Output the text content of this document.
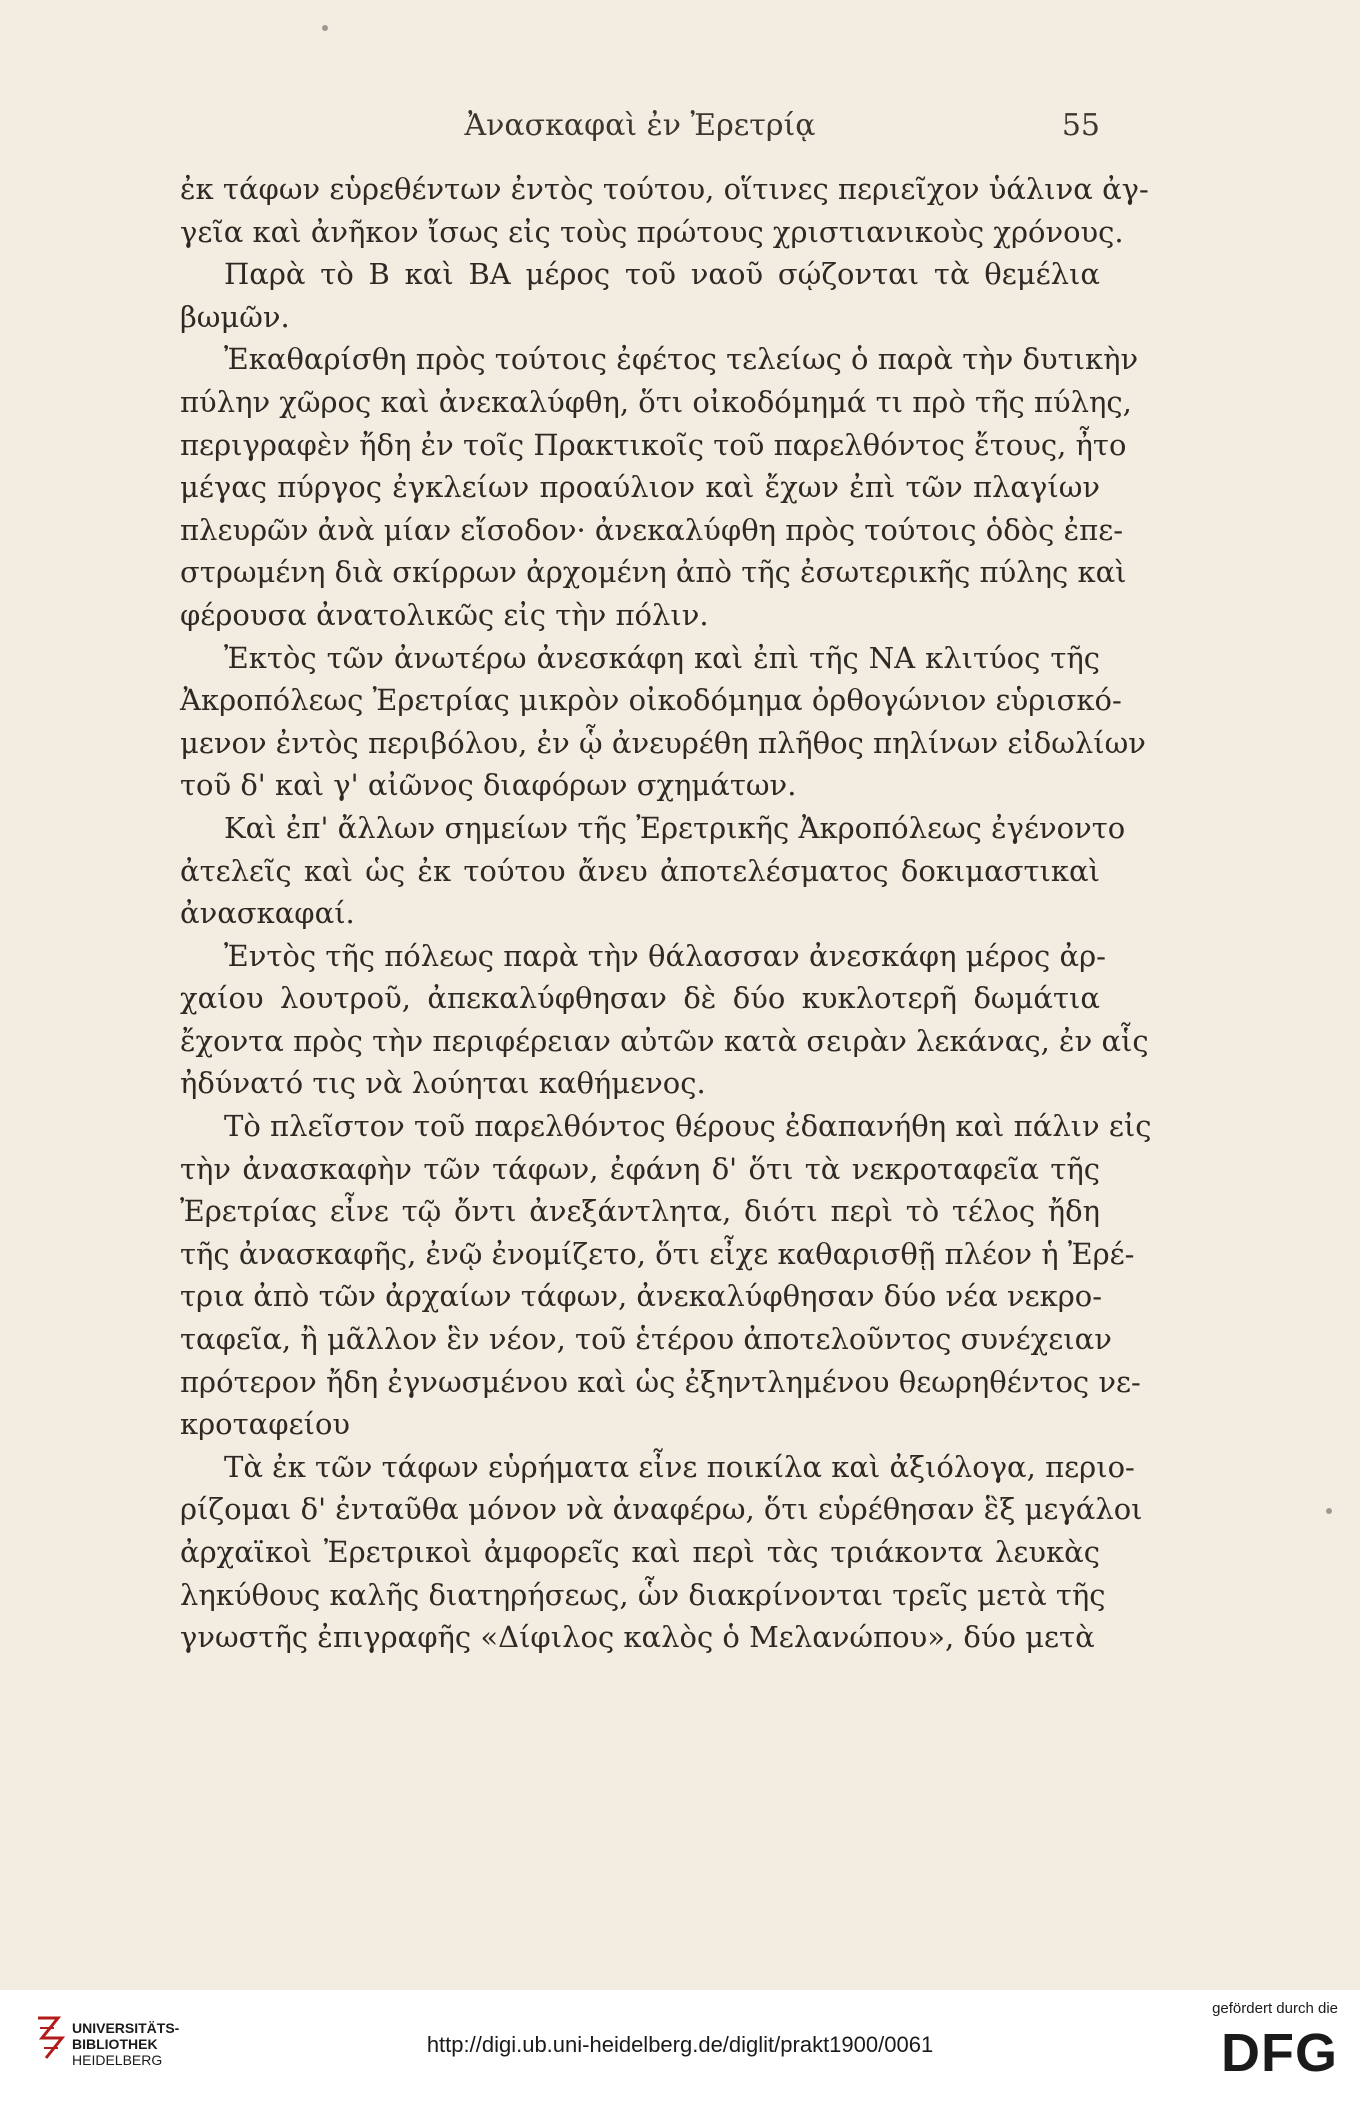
Ἀνασκαφαὶ ἐν Ἐρετρίᾳ	55

ἐκ τάφων εὑρεθέντων ἐντὸς τούτου, οἵτινες περιεῖχον ὑάλινα ἀγ-
γεῖα καὶ ἀνῆκον ἴσως εἰς τοὺς πρώτους χριστιανικοὺς χρόνους.

Παρὰ τὸ Β καὶ ΒΑ μέρος τοῦ ναοῦ σῴζονται τὰ θεμέλια
βωμῶν.

Ἐκαθαρίσθη πρὸς τούτοις ἐφέτος τελείως ὁ παρὰ τὴν δυτικὴν
πύλην χῶρος καὶ ἀνεκαλύφθη, ὅτι οἰκοδόμημά τι πρὸ τῆς πύλης,
περιγραφὲν ἤδη ἐν τοῖς Πρακτικοῖς τοῦ παρελθόντος ἔτους, ἦτο
μέγας πύργος ἐγκλείων προαύλιον καὶ ἔχων ἐπὶ τῶν πλαγίων
πλευρῶν ἀνὰ μίαν εἴσοδον· ἀνεκαλύφθη πρὸς τούτοις ὁδὸς ἐπε-
στρωμένη διὰ σκίρρων ἀρχομένη ἀπὸ τῆς ἐσωτερικῆς πύλης καὶ
φέρουσα ἀνατολικῶς εἰς τὴν πόλιν.

Ἐκτὸς τῶν ἀνωτέρω ἀνεσκάφη καὶ ἐπὶ τῆς ΝΑ κλιτύος τῆς
Ἀκροπόλεως Ἐρετρίας μικρὸν οἰκοδόμημα ὀρθογώνιον εὑρισκό-
μενον ἐντὸς περιβόλου, ἐν ᾧ ἀνευρέθη πλῆθος πηλίνων εἰδωλίων
τοῦ δ' καὶ γ' αἰῶνος διαφόρων σχημάτων.

Καὶ ἐπ' ἄλλων σημείων τῆς Ἐρετρικῆς Ἀκροπόλεως ἐγένοντο
ἀτελεῖς καὶ ὡς ἐκ τούτου ἄνευ ἀποτελέσματος δοκιμαστικαὶ
ἀνασκαφαί.

Ἐντὸς τῆς πόλεως παρὰ τὴν θάλασσαν ἀνεσκάφη μέρος ἀρ-
χαίου λουτροῦ, ἀπεκαλύφθησαν δὲ δύο κυκλοτερῆ δωμάτια
ἔχοντα πρὸς τὴν περιφέρειαν αὐτῶν κατὰ σειρὰν λεκάνας, ἐν αἷς
ἠδύνατό τις νὰ λούηται καθήμενος.

Τὸ πλεῖστον τοῦ παρελθόντος θέρους ἐδαπανήθη καὶ πάλιν εἰς
τὴν ἀνασκαφὴν τῶν τάφων, ἐφάνη δ' ὅτι τὰ νεκροταφεῖα τῆς
Ἐρετρίας εἶνε τῷ ὄντι ἀνεξάντλητα, διότι περὶ τὸ τέλος ἤδη
τῆς ἀνασκαφῆς, ἐνῷ ἐνομίζετο, ὅτι εἶχε καθαρισθῇ πλέον ἡ Ἐρέ-
τρια ἀπὸ τῶν ἀρχαίων τάφων, ἀνεκαλύφθησαν δύο νέα νεκρο-
ταφεῖα, ἢ μᾶλλον ἓν νέον, τοῦ ἑτέρου ἀποτελοῦντος συνέχειαν
πρότερον ἤδη ἐγνωσμένου καὶ ὡς ἐξηντλημένου θεωρηθέντος νε-
κροταφείου

Τὰ ἐκ τῶν τάφων εὑρήματα εἶνε ποικίλα καὶ ἀξιόλογα, περιο-
ρίζομαι δ' ἐνταῦθα μόνον νὰ ἀναφέρω, ὅτι εὑρέθησαν ἓξ μεγάλοι
ἀρχαϊκοὶ Ἐρετρικοὶ ἀμφορεῖς καὶ περὶ τὰς τριάκοντα λευκὰς
ληκύθους καλῆς διατηρήσεως, ὧν διακρίνονται τρεῖς μετὰ τῆς
γνωστῆς ἐπιγραφῆς «Δίφιλος καλὸς ὁ Μελανώπου», δύο μετὰ

UNIVERSITÄTS-
BIBLIOTHEK
HEIDELBERG
http://digi.ub.uni-heidelberg.de/diglit/prakt1900/0061
gefördert durch die
DFG
